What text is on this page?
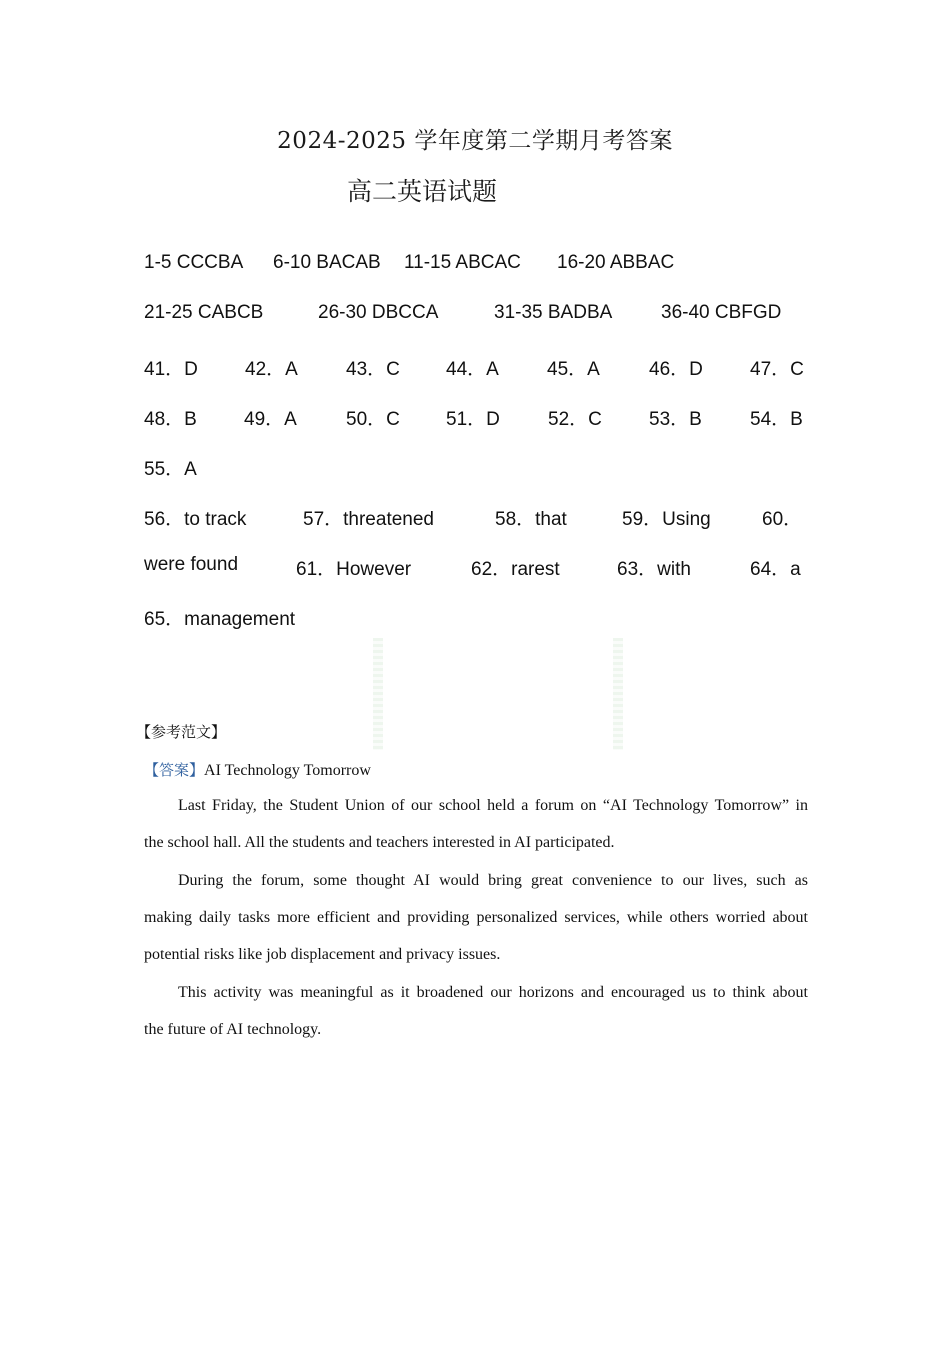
2024-2025 学年度第二学期月考答案
高二英语试题
1-5 CCCBA 6-10 BACAB 11-15 ABCAC 16-20 ABBAC
21-25 CABCB	26-30 DBCCA	31-35 BADBA	36-40 CBFGD
41．D 42．A	43．C 44．A	45．A	46．D 47．C
48．B 49．A	50．C 51．D	52．C 53．B	54．B
55．A
56．to track	57．threatened	58．that	59．Using	60．
were found	61．However	62．rarest	63．with	64．a
65．management
【参考范文】
【答案】AI Technology Tomorrow
Last Friday, the Student Union of our school held a forum on “AI Technology Tomorrow” in
the school hall. All the students and teachers interested in AI participated.
During the forum, some thought AI would bring great convenience to our lives, such as
making daily tasks more efficient and providing personalized services, while others worried about
potential risks like job displacement and privacy issues.
This activity was meaningful as it broadened our horizons and encouraged us to think about
the future of AI technology.
